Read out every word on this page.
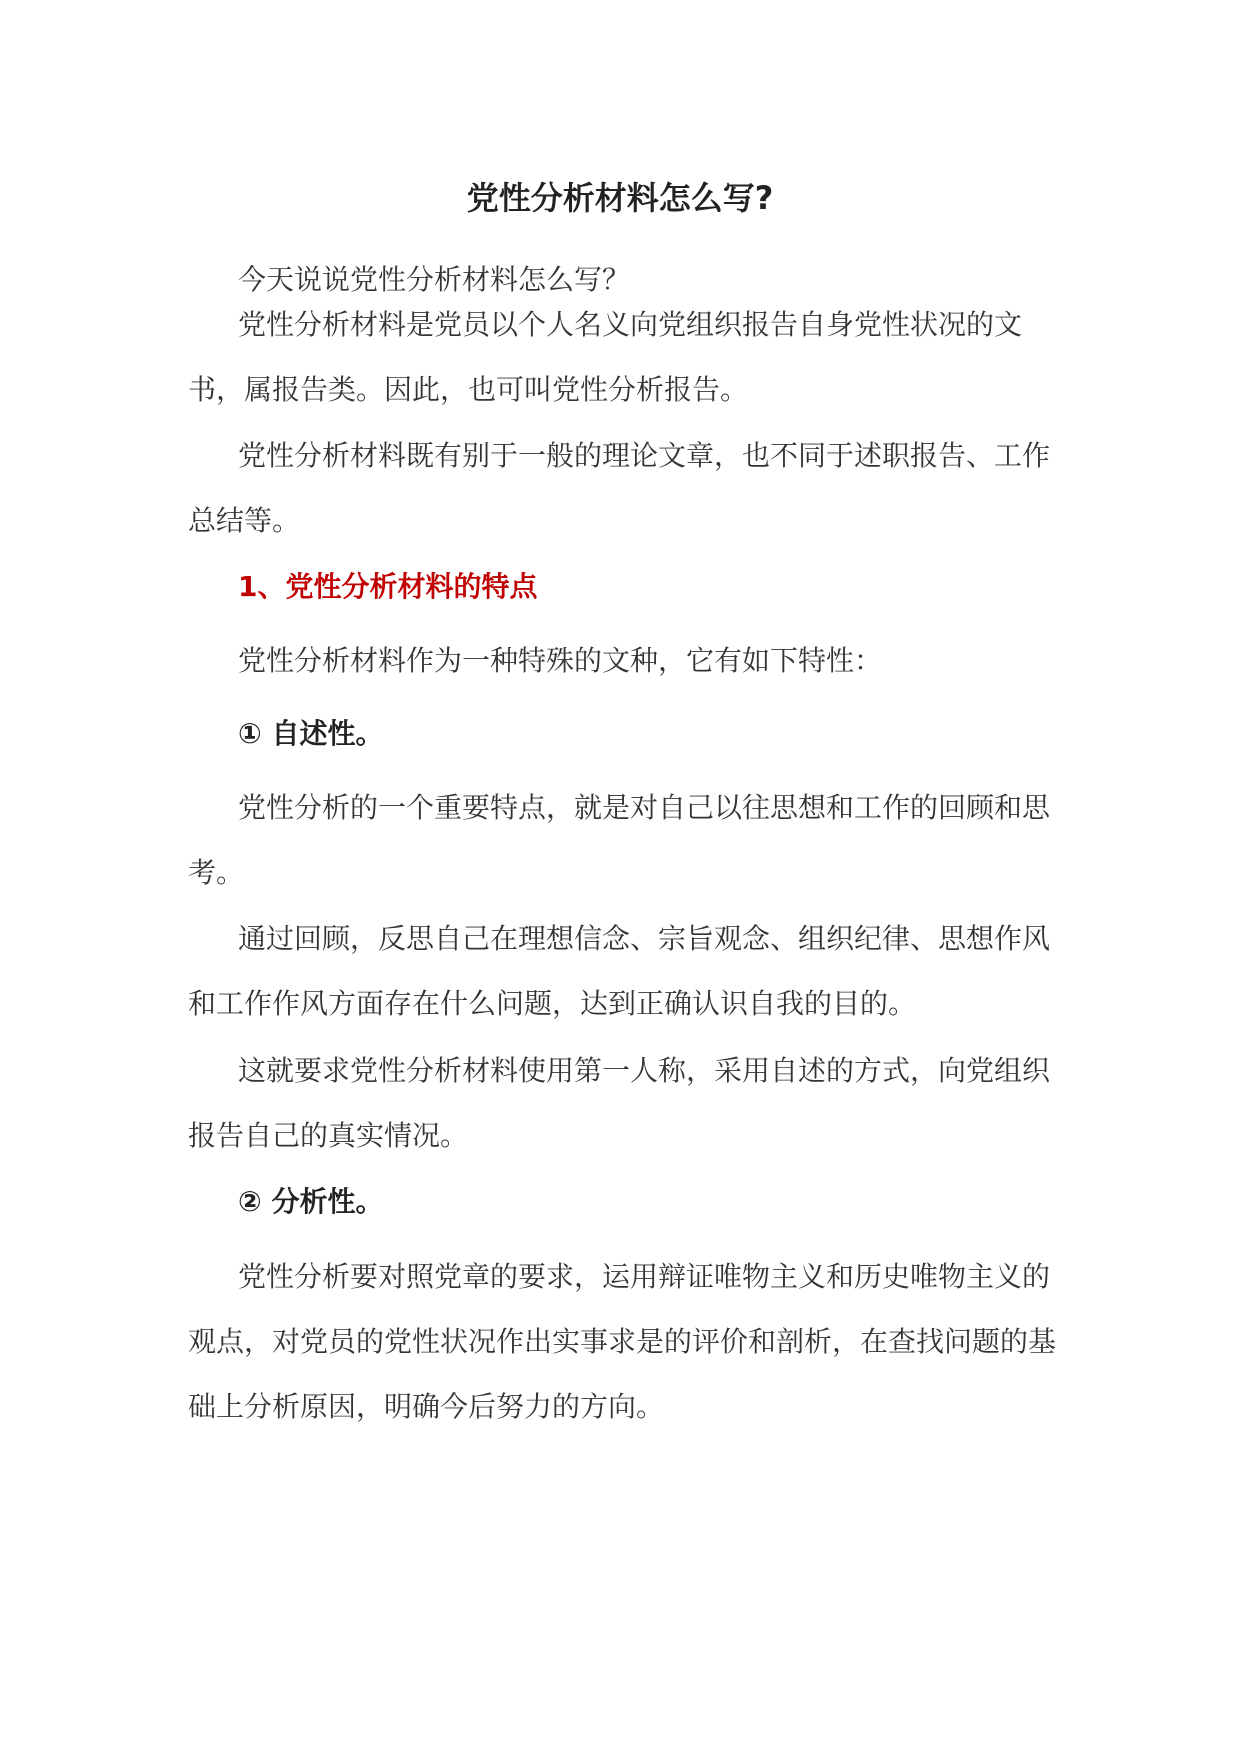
党性分析材料怎么写?
今天说说党性分析材料怎么写？
党性分析材料是党员以个人名义向党组织报告自身党性状况的文书，属报告类。因此，也可叫党性分析报告。
党性分析材料既有别于一般的理论文章，也不同于述职报告、工作总结等。
1、党性分析材料的特点
党性分析材料作为一种特殊的文种，它有如下特性：
① 自述性。
党性分析的一个重要特点，就是对自己以往思想和工作的回顾和思考。
通过回顾，反思自己在理想信念、宗旨观念、组织纪律、思想作风和工作作风方面存在什么问题，达到正确认识自我的目的。
这就要求党性分析材料使用第一人称，采用自述的方式，向党组织报告自己的真实情况。
② 分析性。
党性分析要对照党章的要求，运用辩证唯物主义和历史唯物主义的观点，对党员的党性状况作出实事求是的评价和剖析，在查找问题的基础上分析原因，明确今后努力的方向。
